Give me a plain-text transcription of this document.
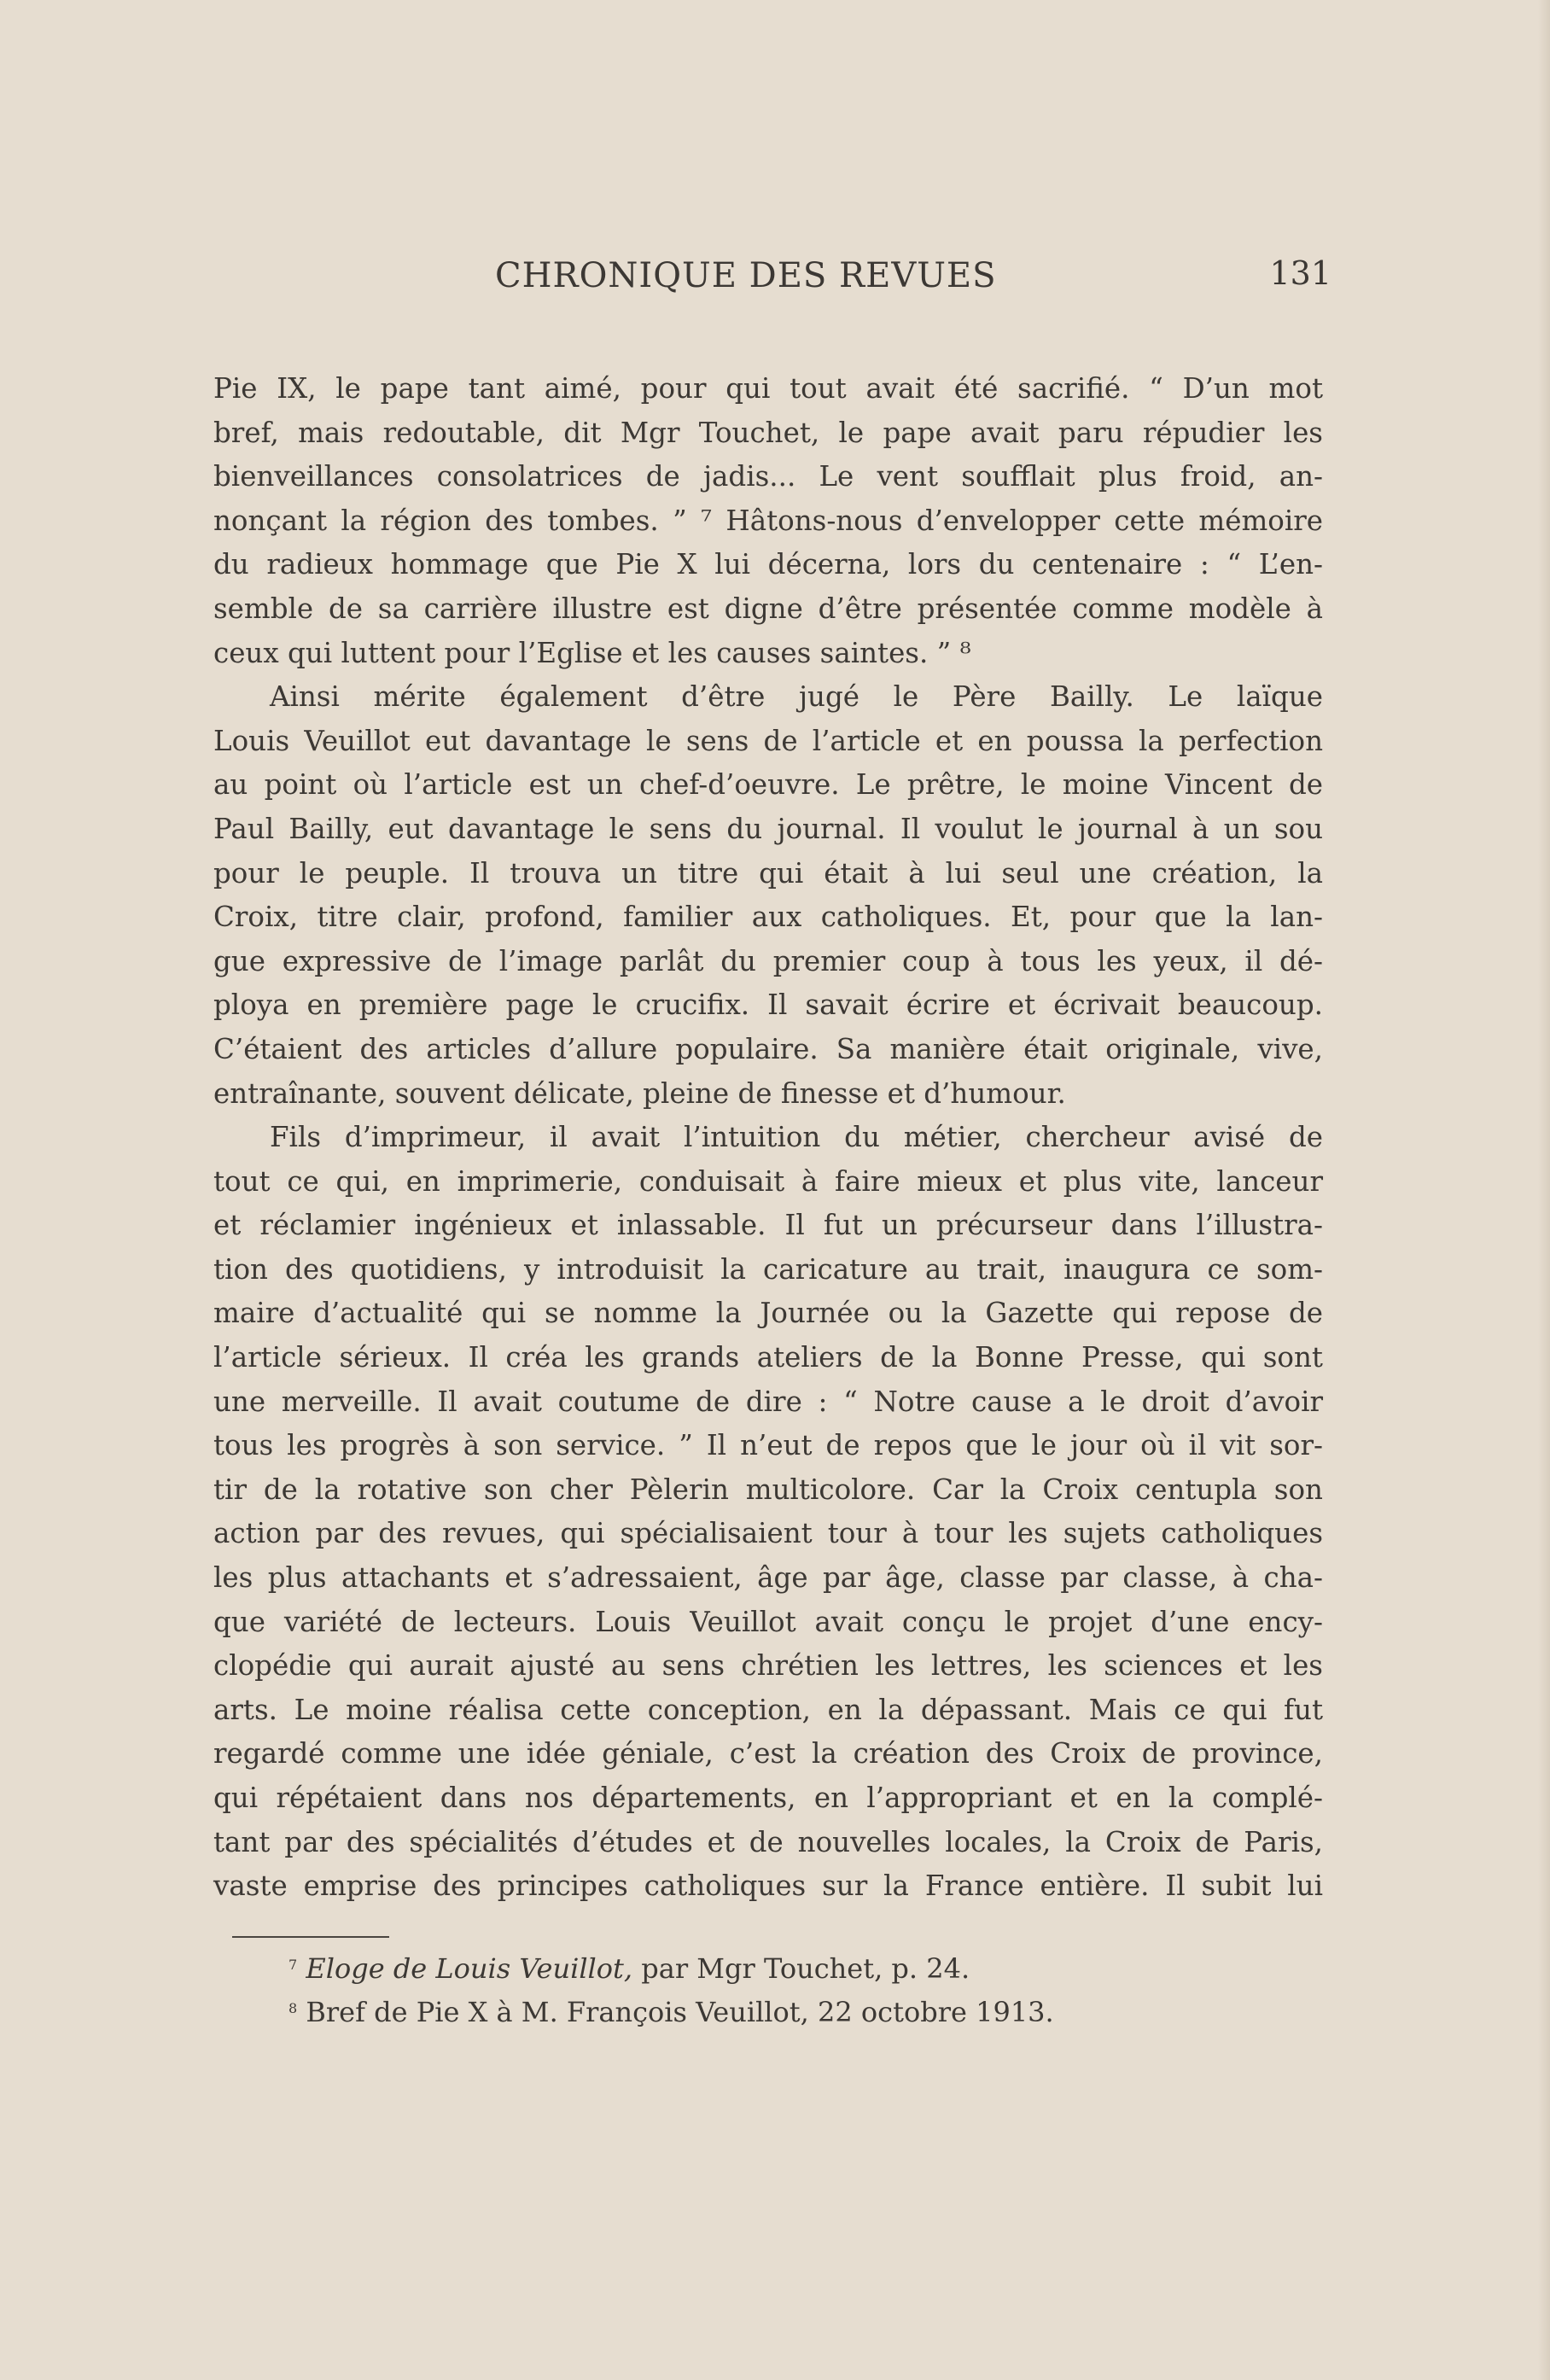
CHRONIQUE DES REVUES	131
Pie IX, le pape tant aimé, pour qui tout avait été sacrifié. “ D’un mot
bref, mais redoutable, dit Mgr Touchet, le pape avait paru répudier les
bienveillances consolatrices de jadis... Le vent soufflait plus froid, an-
nonçant la région des tombes. ” ⁷ Hâtons-nous d’envelopper cette mémoire
du radieux hommage que Pie X lui décerna, lors du centenaire : “ L’en-
semble de sa carrière illustre est digne d’être présentée comme modèle à
ceux qui luttent pour l’Eglise et les causes saintes. ” ⁸
Ainsi mérite également d’être jugé le Père Bailly. Le laïque
Louis Veuillot eut davantage le sens de l’article et en poussa la perfection
au point où l’article est un chef-d’oeuvre. Le prêtre, le moine Vincent de
Paul Bailly, eut davantage le sens du journal. Il voulut le journal à un sou
pour le peuple. Il trouva un titre qui était à lui seul une création, la
Croix, titre clair, profond, familier aux catholiques. Et, pour que la lan-
gue expressive de l’image parlât du premier coup à tous les yeux, il dé-
ploya en première page le crucifix. Il savait écrire et écrivait beaucoup.
C’étaient des articles d’allure populaire. Sa manière était originale, vive,
entraînante, souvent délicate, pleine de finesse et d’humour.
Fils d’imprimeur, il avait l’intuition du métier, chercheur avisé de
tout ce qui, en imprimerie, conduisait à faire mieux et plus vite, lanceur
et réclamier ingénieux et inlassable. Il fut un précurseur dans l’illustra-
tion des quotidiens, y introduisit la caricature au trait, inaugura ce som-
maire d’actualité qui se nomme la Journée ou la Gazette qui repose de
l’article sérieux. Il créa les grands ateliers de la Bonne Presse, qui sont
une merveille. Il avait coutume de dire : “ Notre cause a le droit d’avoir
tous les progrès à son service. ” Il n’eut de repos que le jour où il vit sor-
tir de la rotative son cher Pèlerin multicolore. Car la Croix centupla son
action par des revues, qui spécialisaient tour à tour les sujets catholiques
les plus attachants et s’adressaient, âge par âge, classe par classe, à cha-
que variété de lecteurs. Louis Veuillot avait conçu le projet d’une ency-
clopédie qui aurait ajusté au sens chrétien les lettres, les sciences et les
arts. Le moine réalisa cette conception, en la dépassant. Mais ce qui fut
regardé comme une idée géniale, c’est la création des Croix de province,
qui répétaient dans nos départements, en l’appropriant et en la complé-
tant par des spécialités d’études et de nouvelles locales, la Croix de Paris,
vaste emprise des principes catholiques sur la France entière. Il subit lui
$^7$ Eloge de Louis Veuillot, par Mgr Touchet, p. 24.
$^8$ Bref de Pie X à M. François Veuillot, 22 octobre 1913.
